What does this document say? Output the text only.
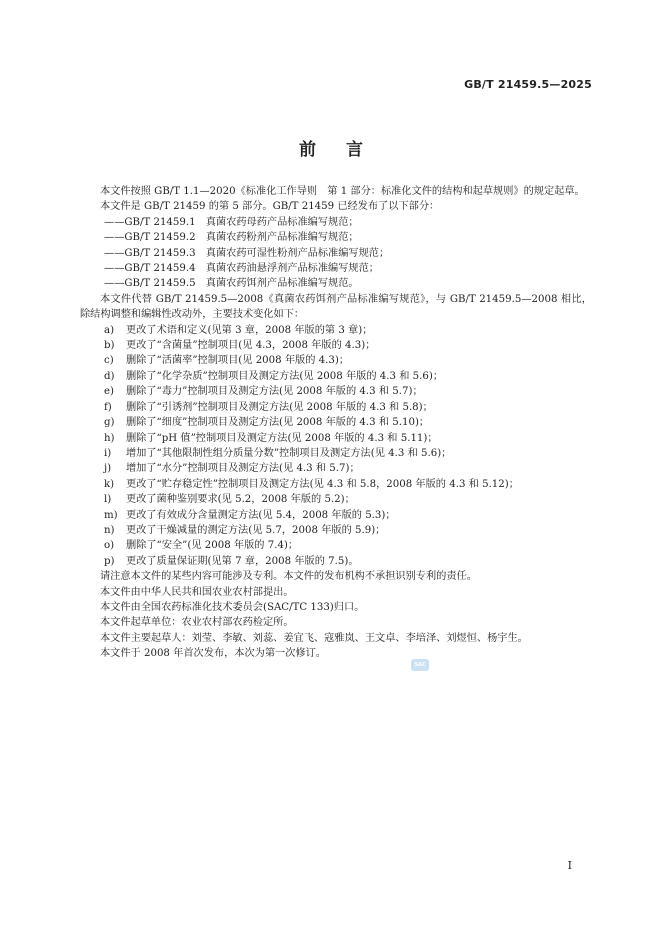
GB/T 21459.5—2025
前言

本文件按照 GB/T 1.1—2020《标准化工作导则　第 1 部分：标准化文件的结构和起草规则》的规定起草。

本文件是 GB/T 21459 的第 5 部分。GB/T 21459 已经发布了以下部分：

——GB/T 21459.1　真菌农药母药产品标准编写规范；

——GB/T 21459.2　真菌农药粉剂产品标准编写规范；

——GB/T 21459.3　真菌农药可湿性粉剂产品标准编写规范；

——GB/T 21459.4　真菌农药油悬浮剂产品标准编写规范；

——GB/T 21459.5　真菌农药饵剂产品标准编写规范。

本文件代替 GB/T 21459.5—2008《真菌农药饵剂产品标准编写规范》，与 GB/T 21459.5—2008 相比，除结构调整和编辑性改动外，主要技术变化如下：

a) 更改了术语和定义(见第 3 章，2008 年版的第 3 章)；

b) 更改了“含菌量”控制项目(见 4.3，2008 年版的 4.3)；

c) 删除了“活菌率”控制项目(见 2008 年版的 4.3)；

d) 删除了“化学杂质”控制项目及测定方法(见 2008 年版的 4.3 和 5.6)；

e) 删除了“毒力”控制项目及测定方法(见 2008 年版的 4.3 和 5.7)；

f) 删除了“引诱剂”控制项目及测定方法(见 2008 年版的 4.3 和 5.8)；

g) 删除了“细度”控制项目及测定方法(见 2008 年版的 4.3 和 5.10)；

h) 删除了“pH 值”控制项目及测定方法(见 2008 年版的 4.3 和 5.11)；

i) 增加了“其他限制性组分质量分数”控制项目及测定方法(见 4.3 和 5.6)；

j) 增加了“水分”控制项目及测定方法(见 4.3 和 5.7)；

k) 更改了“贮存稳定性”控制项目及测定方法(见 4.3 和 5.8，2008 年版的 4.3 和 5.12)；

l) 更改了菌种鉴别要求(见 5.2，2008 年版的 5.2)；

m) 更改了有效成分含量测定方法(见 5.4，2008 年版的 5.3)；

n) 更改了干燥减量的测定方法(见 5.7，2008 年版的 5.9)；

o) 删除了“安全”(见 2008 年版的 7.4)；

p) 更改了质量保证期(见第 7 章，2008 年版的 7.5)。

请注意本文件的某些内容可能涉及专利。本文件的发布机构不承担识别专利的责任。

本文件由中华人民共和国农业农村部提出。

本文件由全国农药标准化技术委员会(SAC/TC 133)归口。

本文件起草单位：农业农村部农药检定所。

本文件主要起草人：刘莹、李敏、刘蕊、姜宜飞、寇雅岚、王文卓、李培泽、刘煜恒、杨宇生。

本文件于 2008 年首次发布，本次为第一次修订。

SAC
I
